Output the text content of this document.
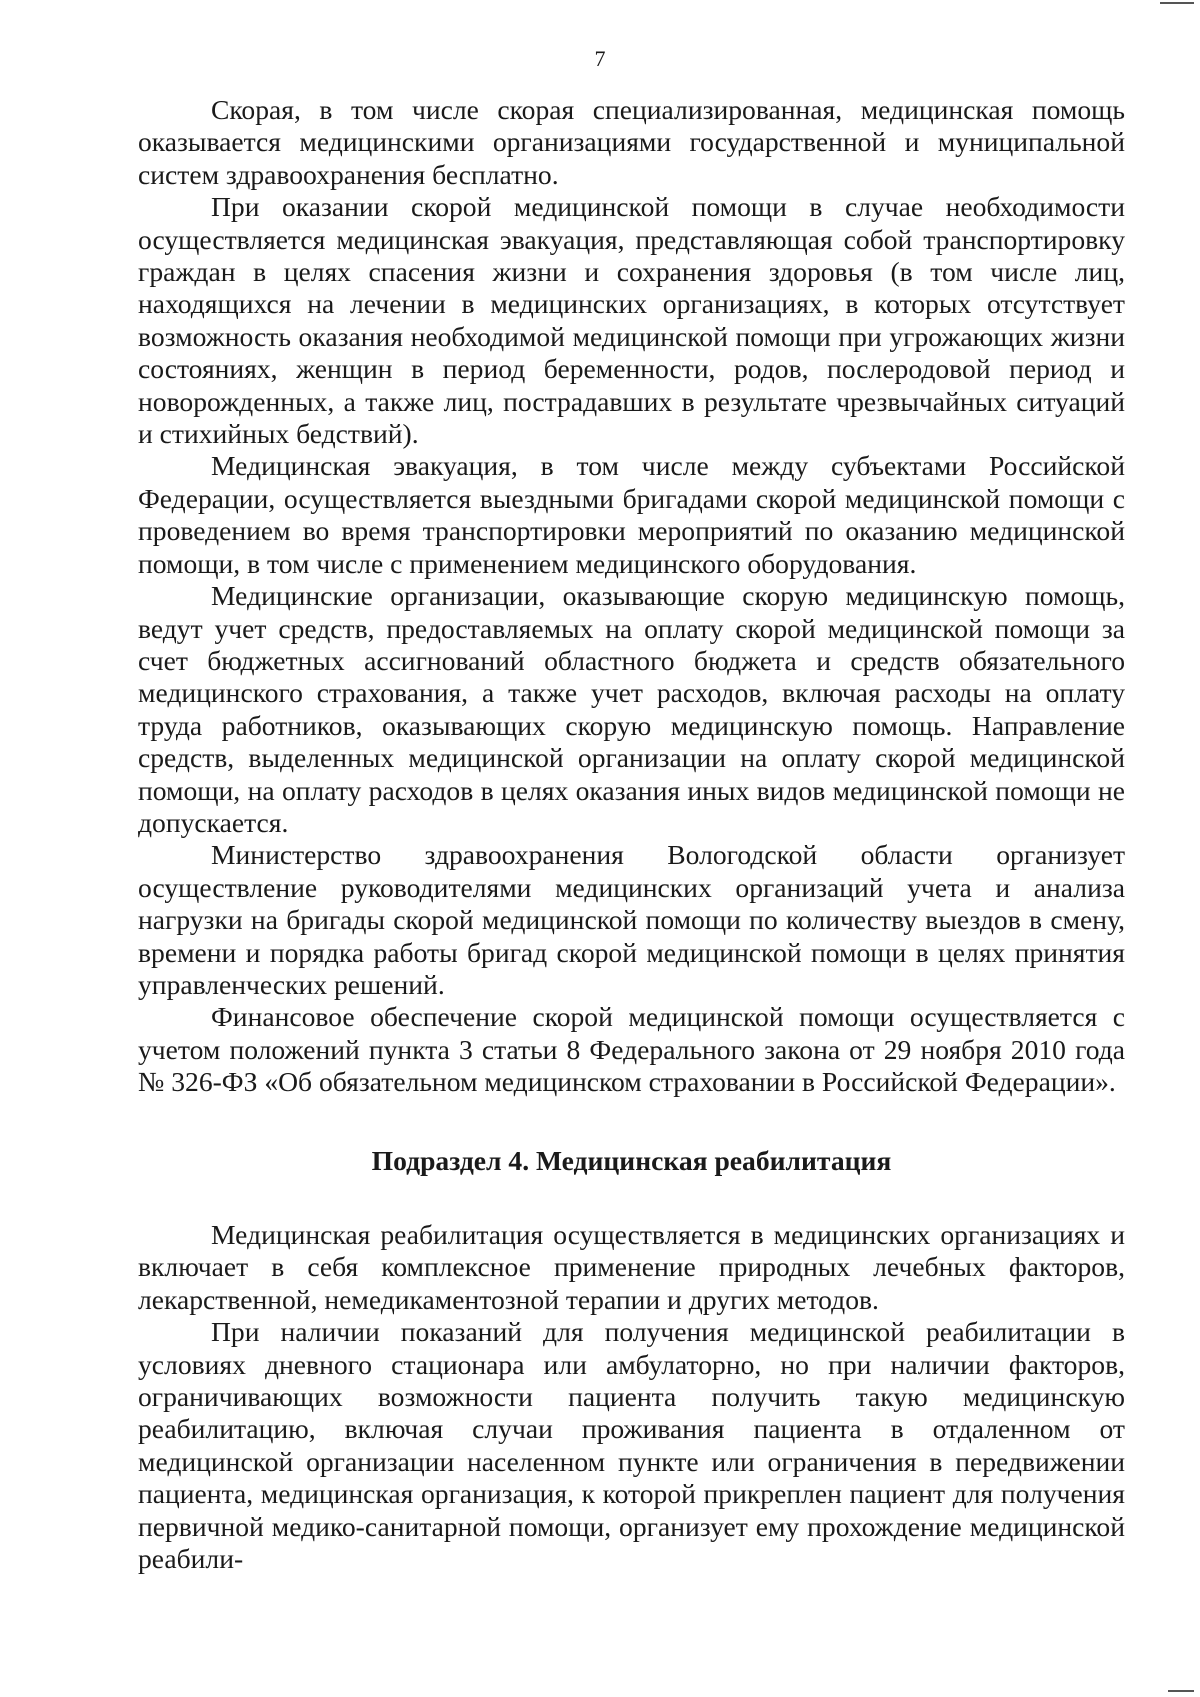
7

Скорая, в том числе скорая специализированная, медицинская помощь оказывается медицинскими организациями государственной и муниципальной систем здравоохранения бесплатно.

При оказании скорой медицинской помощи в случае необходимости осуществляется медицинская эвакуация, представляющая собой транспортировку граждан в целях спасения жизни и сохранения здоровья (в том числе лиц, находящихся на лечении в медицинских организациях, в которых отсутствует возможность оказания необходимой медицинской помощи при угрожающих жизни состояниях, женщин в период беременности, родов, послеродовой период и новорожденных, а также лиц, пострадавших в результате чрезвычайных ситуаций и стихийных бедствий).

Медицинская эвакуация, в том числе между субъектами Российской Федерации, осуществляется выездными бригадами скорой медицинской помощи с проведением во время транспортировки мероприятий по оказанию медицинской помощи, в том числе с применением медицинского оборудования.

Медицинские организации, оказывающие скорую медицинскую помощь, ведут учет средств, предоставляемых на оплату скорой медицинской помощи за счет бюджетных ассигнований областного бюджета и средств обязательного медицинского страхования, а также учет расходов, включая расходы на оплату труда работников, оказывающих скорую медицинскую помощь. Направление средств, выделенных медицинской организации на оплату скорой медицинской помощи, на оплату расходов в целях оказания иных видов медицинской помощи не допускается.

Министерство здравоохранения Вологодской области организует осуществление руководителями медицинских организаций учета и анализа нагрузки на бригады скорой медицинской помощи по количеству выездов в смену, времени и порядка работы бригад скорой медицинской помощи в целях принятия управленческих решений.

Финансовое обеспечение скорой медицинской помощи осуществляется с учетом положений пункта 3 статьи 8 Федерального закона от 29 ноября 2010 года № 326-ФЗ «Об обязательном медицинском страховании в Российской Федерации».

Подраздел 4. Медицинская реабилитация

Медицинская реабилитация осуществляется в медицинских организациях и включает в себя комплексное применение природных лечебных факторов, лекарственной, немедикаментозной терапии и других методов.

При наличии показаний для получения медицинской реабилитации в условиях дневного стационара или амбулаторно, но при наличии факторов, ограничивающих возможности пациента получить такую медицинскую реабилитацию, включая случаи проживания пациента в отдаленном от медицинской организации населенном пункте или ограничения в передвижении пациента, медицинская организация, к которой прикреплен пациент для получения первичной медико-санитарной помощи, организует ему прохождение медицинской реабили-
